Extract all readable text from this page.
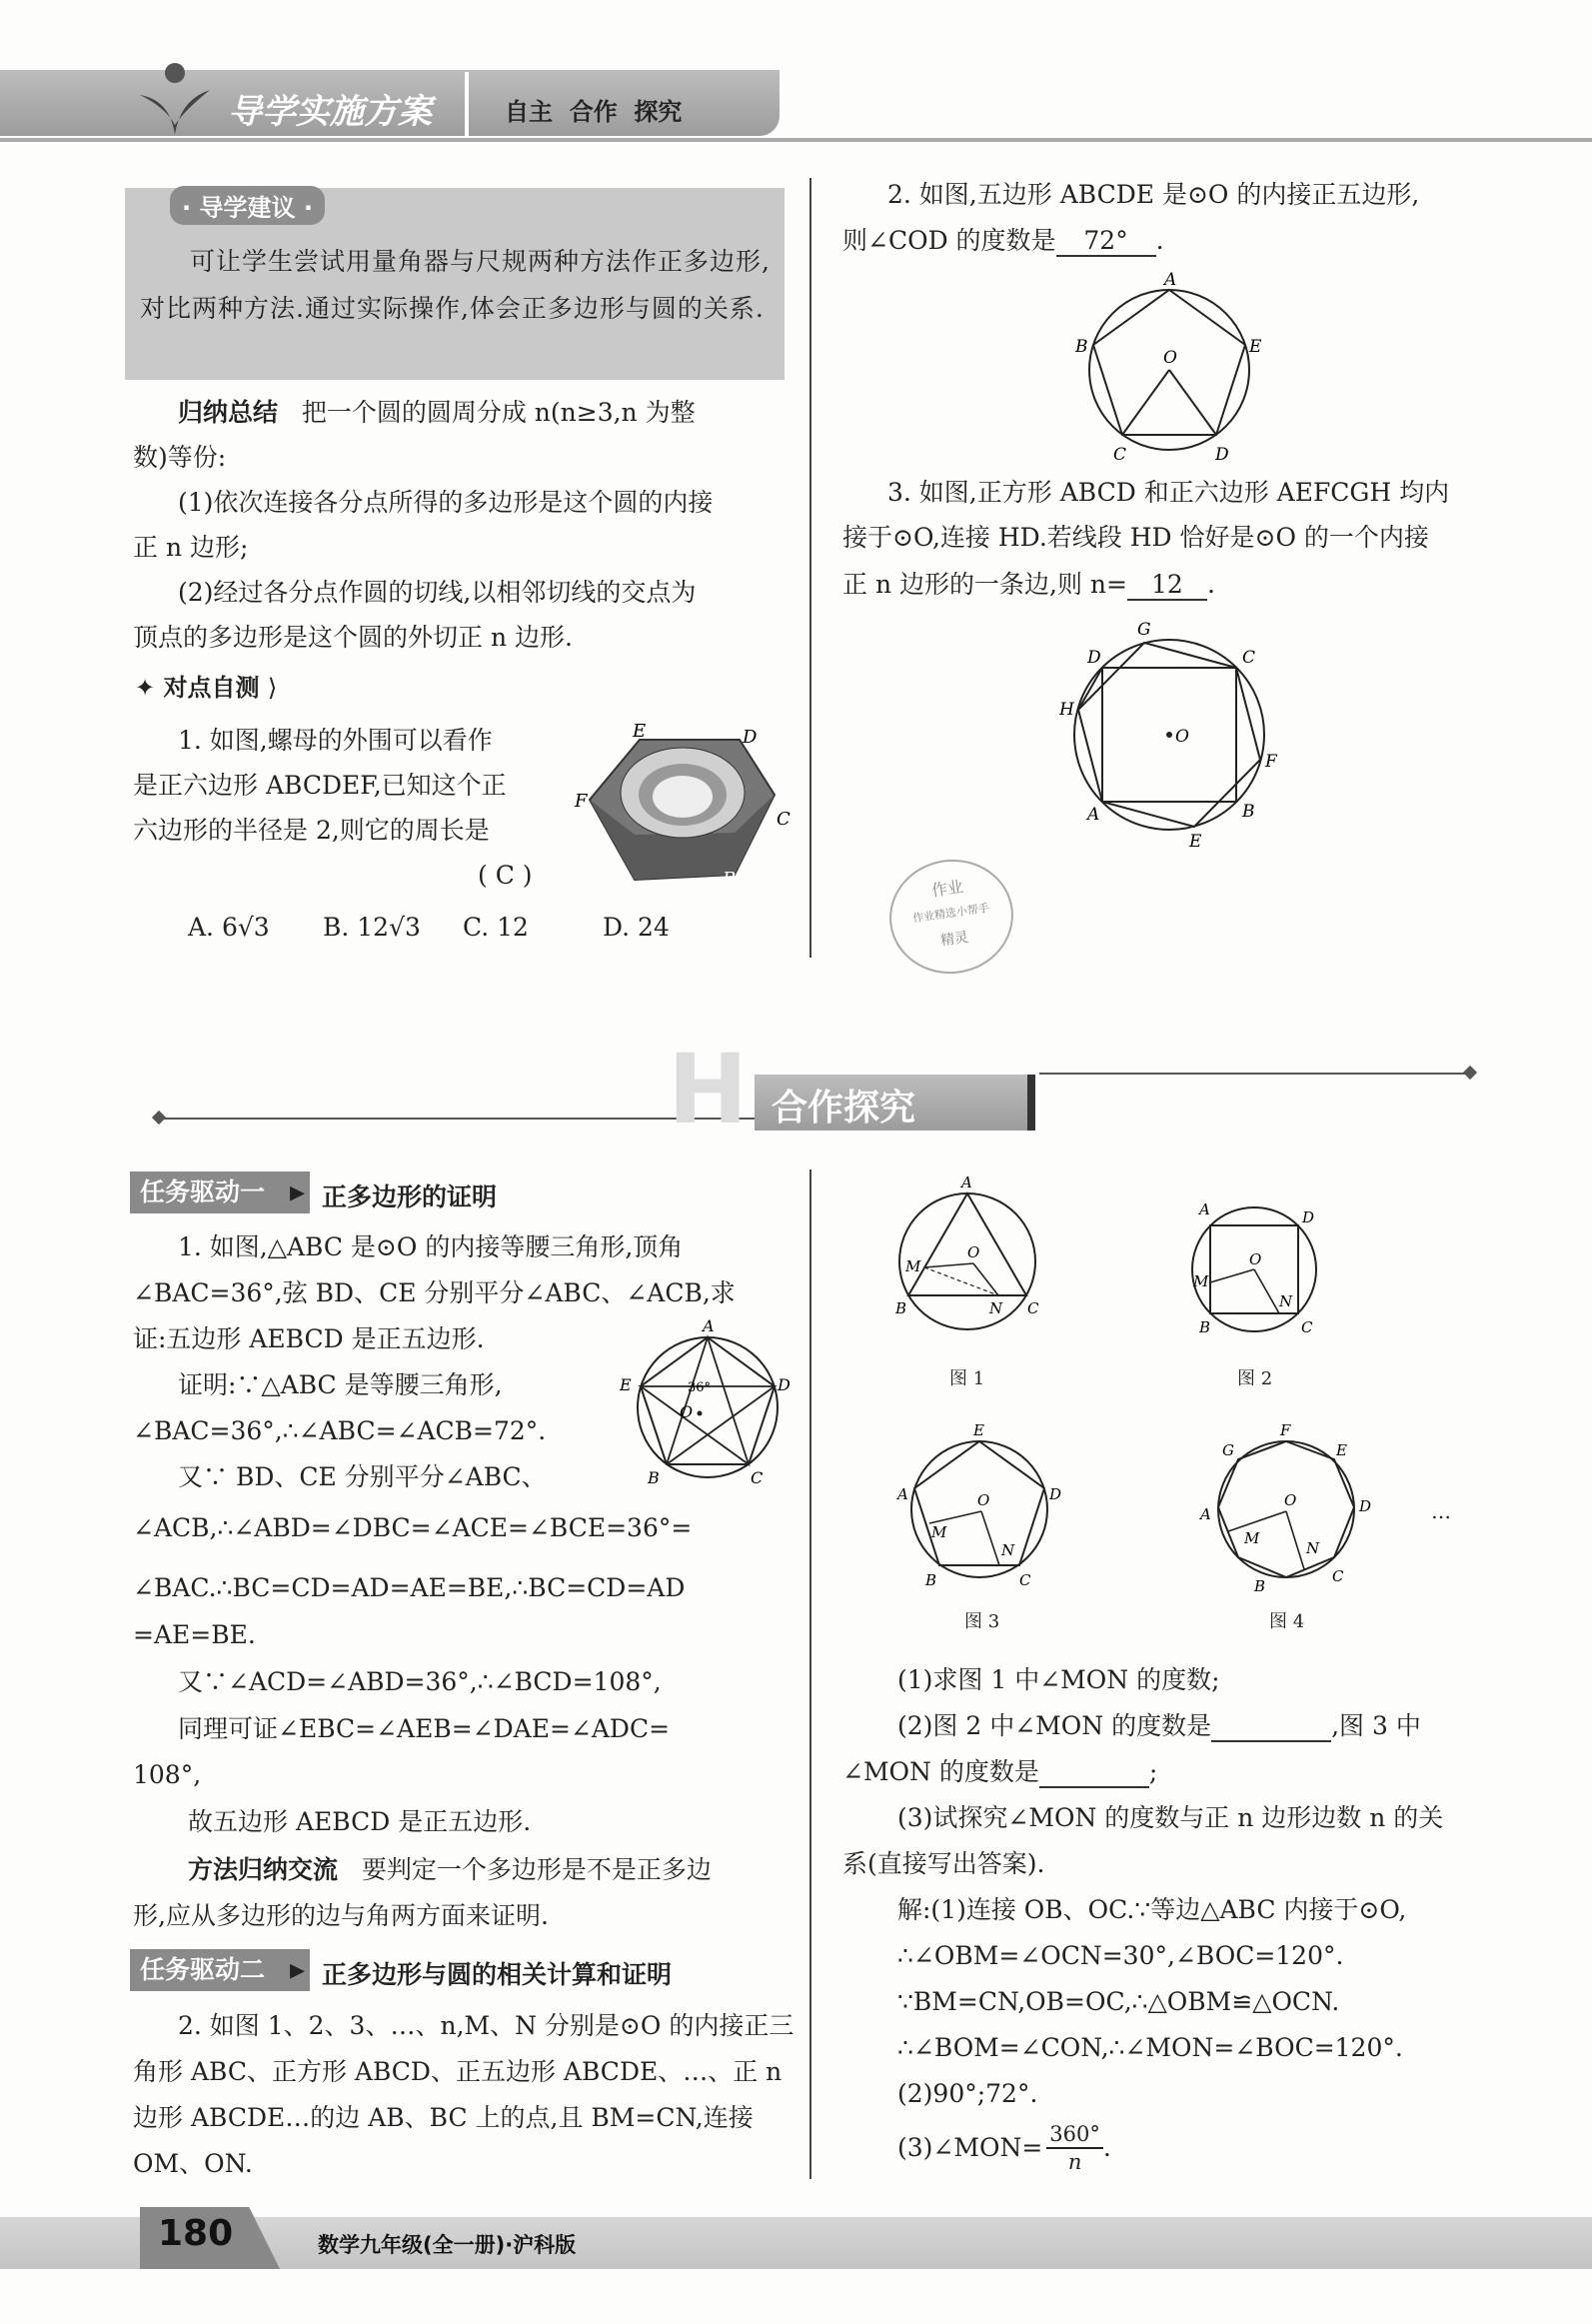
导学实施方案	自主  合作  探究
· 导学建议 ·
可让学生尝试用量角器与尺规两种方法作正多边形,对比两种方法.通过实际操作,体会正多边形与圆的关系.
归纳总结 把一个圆的圆周分成 n(n≥3,n 为整
数)等份:
(1)依次连接各分点所得的多边形是这个圆的内接
正 n 边形;
(2)经过各分点作圆的切线,以相邻切线的交点为
顶点的多边形是这个圆的外切正 n 边形.
✦ 对点自测 ⟩
1. 如图,螺母的外围可以看作
是正六边形 ABCDEF,已知这个正
六边形的半径是 2,则它的周长是
( C )
A. 6√3 B. 12√3 C. 12	D. 24
E	D
F
C
A	B
2. 如图,五边形 ABCDE 是⊙O 的内接正五边形,
则∠COD 的度数是 72° .
A
B	E
O
C	D
3. 如图,正方形 ABCD 和正六边形 AEFCGH 均内
接于⊙O,连接 HD.若线段 HD 恰好是⊙O 的一个内接
正 n 边形的一条边,则 n= 12 .
O
D
G
C
H
F
A	B
E
作业
作业精选小帮手
精灵
H 合作探究
任务驱动一 ▸ 正多边形的证明
1. 如图,△ABC 是⊙O 的内接等腰三角形,顶角
∠BAC=36°,弦 BD、CE 分别平分∠ABC、∠ACB,求
证:五边形 AEBCD 是正五边形.
证明:∵△ABC 是等腰三角形,
∠BAC=36°,∴∠ABC=∠ACB=72°.
又∵ BD、CE 分别平分∠ABC、
∠ACB,∴∠ABD=∠DBC=∠ACE=∠BCE=36°=
∠BAC.∴BC=CD=AD=AE=BE,∴BC=CD=AD
=AE=BE.
又∵∠ACD=∠ABD=36°,∴∠BCD=108°,
同理可证∠EBC=∠AEB=∠DAE=∠ADC=
108°,
故五边形 AEBCD 是正五边形.
方法归纳交流 要判定一个多边形是不是正多边
形,应从多边形的边与角两方面来证明.
A
E	D
36°
O
B	C
任务驱动二 ▸ 正多边形与圆的相关计算和证明
2. 如图 1、2、3、…、n,M、N 分别是⊙O 的内接正三
角形 ABC、正方形 ABCD、正五边形 ABCDE、…、正 n
边形 ABCDE…的边 AB、BC 上的点,且 BM=CN,连接
OM、ON.
A
O
M
B	N C
A	D
O
M
B
N
C
图 1	图 2
E
A	D
O
M
N
B	C
F
G	E
A	D
O
M
N
B
C
…
图 3	图 4
(1)求图 1 中∠MON 的度数;
(2)图 2 中∠MON 的度数是	,图 3 中
∠MON 的度数是	;
(3)试探究∠MON 的度数与正 n 边形边数 n 的关
系(直接写出答案).
解:(1)连接 OB、OC.∵等边△ABC 内接于⊙O,
∴∠OBM=∠OCN=30°,∠BOC=120°.
∵BM=CN,OB=OC,∴△OBM≌△OCN.
∴∠BOM=∠CON,∴∠MON=∠BOC=120°.
(2)90°;72°.
(3)∠MON= $\frac{360^\circ}{n}$ .
180	数学九年级(全一册)·沪科版
